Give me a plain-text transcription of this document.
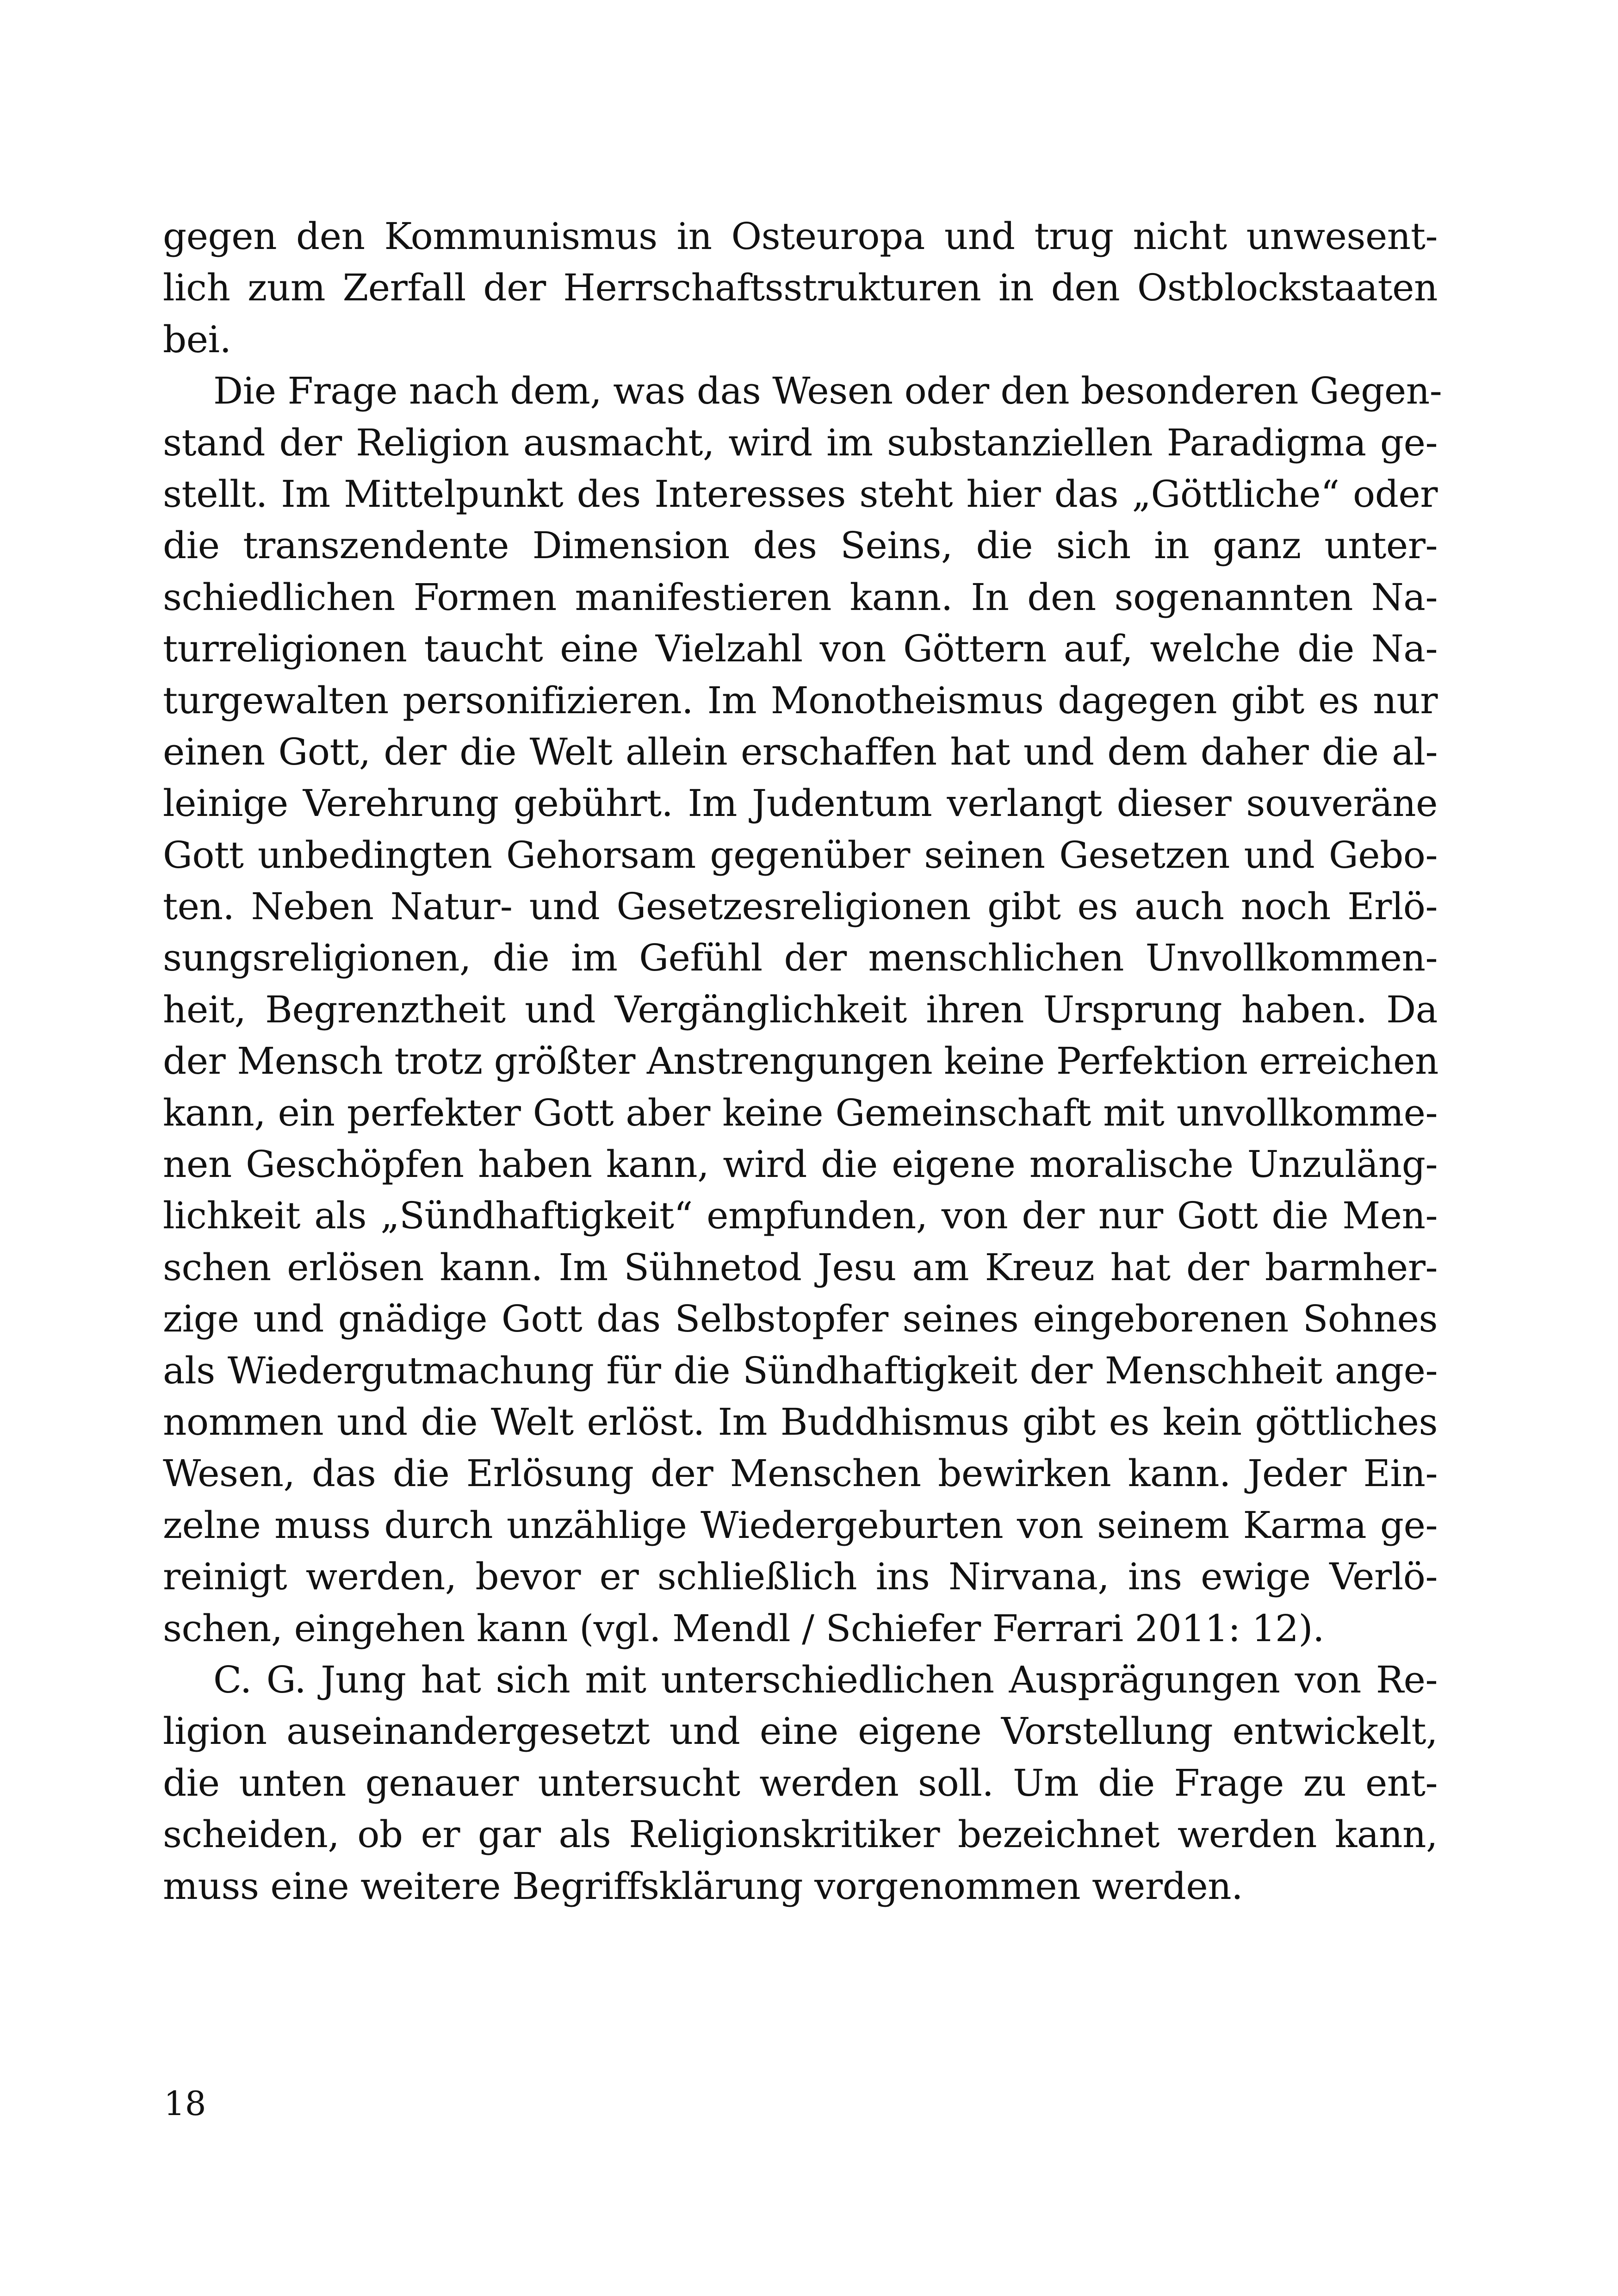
gegen den Kommunismus in Osteuropa und trug nicht unwesent-
lich zum Zerfall der Herrschaftsstrukturen in den Ostblockstaaten
bei.
Die Frage nach dem, was das Wesen oder den besonderen Gegen-
stand der Religion ausmacht, wird im substanziellen Paradigma ge-
stellt. Im Mittelpunkt des Interesses steht hier das „Göttliche“ oder
die transzendente Dimension des Seins, die sich in ganz unter-
schiedlichen Formen manifestieren kann. In den sogenannten Na-
turreligionen taucht eine Vielzahl von Göttern auf, welche die Na-
turgewalten personifizieren. Im Monotheismus dagegen gibt es nur
einen Gott, der die Welt allein erschaffen hat und dem daher die al-
leinige Verehrung gebührt. Im Judentum verlangt dieser souveräne
Gott unbedingten Gehorsam gegenüber seinen Gesetzen und Gebo-
ten. Neben Natur- und Gesetzesreligionen gibt es auch noch Erlö-
sungsreligionen, die im Gefühl der menschlichen Unvollkommen-
heit, Begrenztheit und Vergänglichkeit ihren Ursprung haben. Da
der Mensch trotz größter Anstrengungen keine Perfektion erreichen
kann, ein perfekter Gott aber keine Gemeinschaft mit unvollkomme-
nen Geschöpfen haben kann, wird die eigene moralische Unzuläng-
lichkeit als „Sündhaftigkeit“ empfunden, von der nur Gott die Men-
schen erlösen kann. Im Sühnetod Jesu am Kreuz hat der barmher-
zige und gnädige Gott das Selbstopfer seines eingeborenen Sohnes
als Wiedergutmachung für die Sündhaftigkeit der Menschheit ange-
nommen und die Welt erlöst. Im Buddhismus gibt es kein göttliches
Wesen, das die Erlösung der Menschen bewirken kann. Jeder Ein-
zelne muss durch unzählige Wiedergeburten von seinem Karma ge-
reinigt werden, bevor er schließlich ins Nirvana, ins ewige Verlö-
schen, eingehen kann (vgl. Mendl / Schiefer Ferrari 2011: 12).
C. G. Jung hat sich mit unterschiedlichen Ausprägungen von Re-
ligion auseinandergesetzt und eine eigene Vorstellung entwickelt,
die unten genauer untersucht werden soll. Um die Frage zu ent-
scheiden, ob er gar als Religionskritiker bezeichnet werden kann,
muss eine weitere Begriffsklärung vorgenommen werden.
18
